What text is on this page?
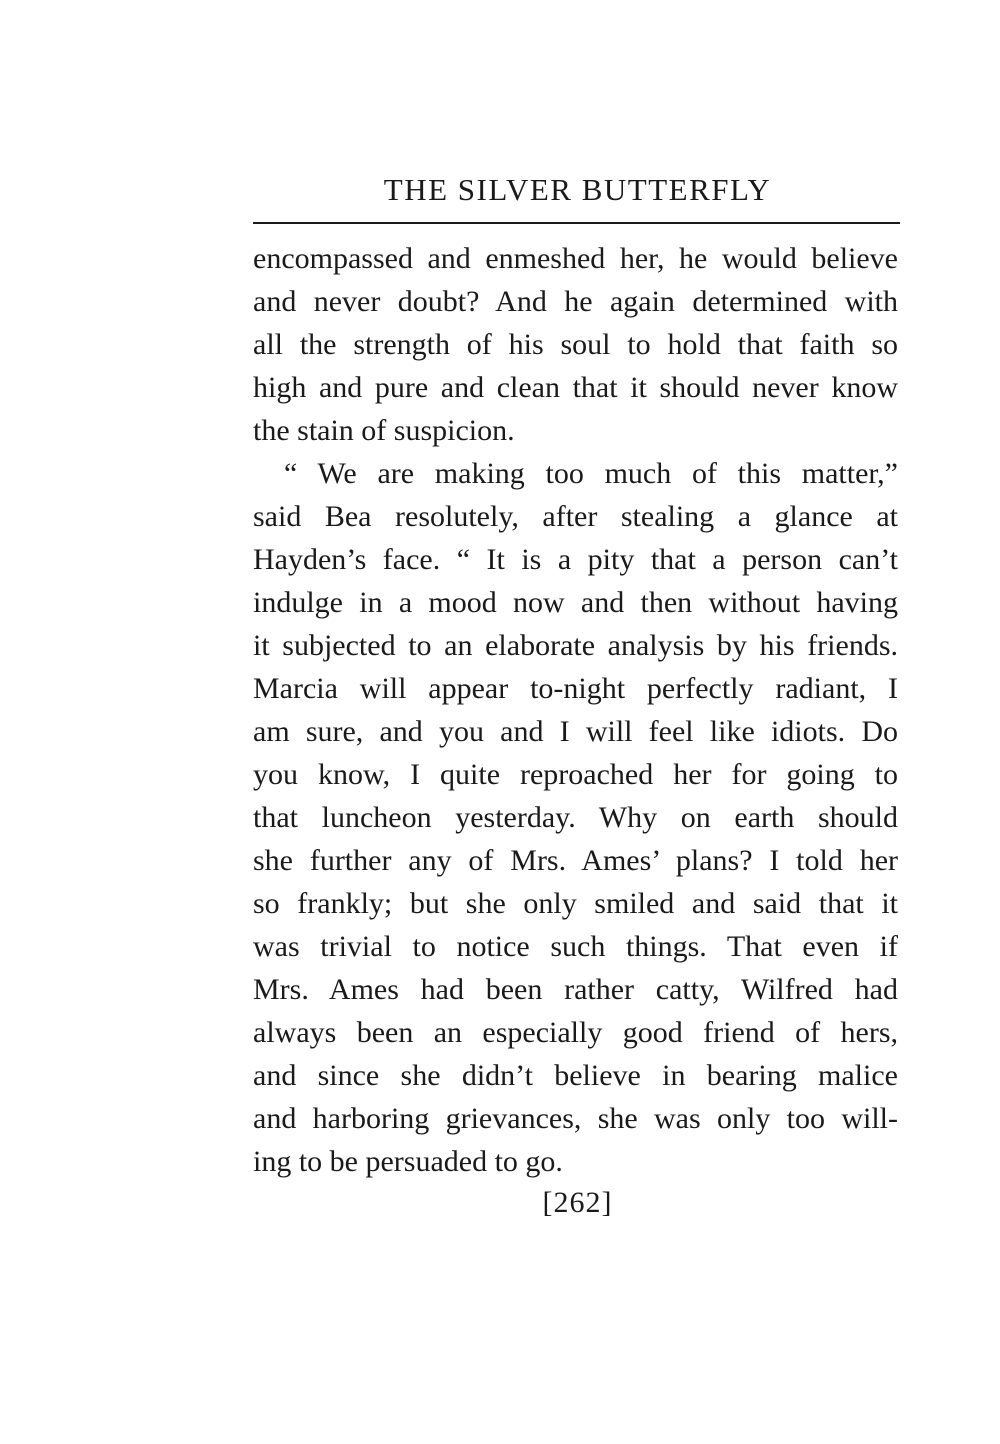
THE SILVER BUTTERFLY
encompassed and enmeshed her, he would believe
and never doubt? And he again determined with
all the strength of his soul to hold that faith so
high and pure and clean that it should never know
the stain of suspicion.
“ We are making too much of this matter,”
said Bea resolutely, after stealing a glance at
Hayden’s face. “ It is a pity that a person can’t
indulge in a mood now and then without having
it subjected to an elaborate analysis by his friends.
Marcia will appear to-night perfectly radiant, I
am sure, and you and I will feel like idiots. Do
you know, I quite reproached her for going to
that luncheon yesterday. Why on earth should
she further any of Mrs. Ames’ plans? I told her
so frankly; but she only smiled and said that it
was trivial to notice such things. That even if
Mrs. Ames had been rather catty, Wilfred had
always been an especially good friend of hers,
and since she didn’t believe in bearing malice
and harboring grievances, she was only too will-
ing to be persuaded to go.
[262]
